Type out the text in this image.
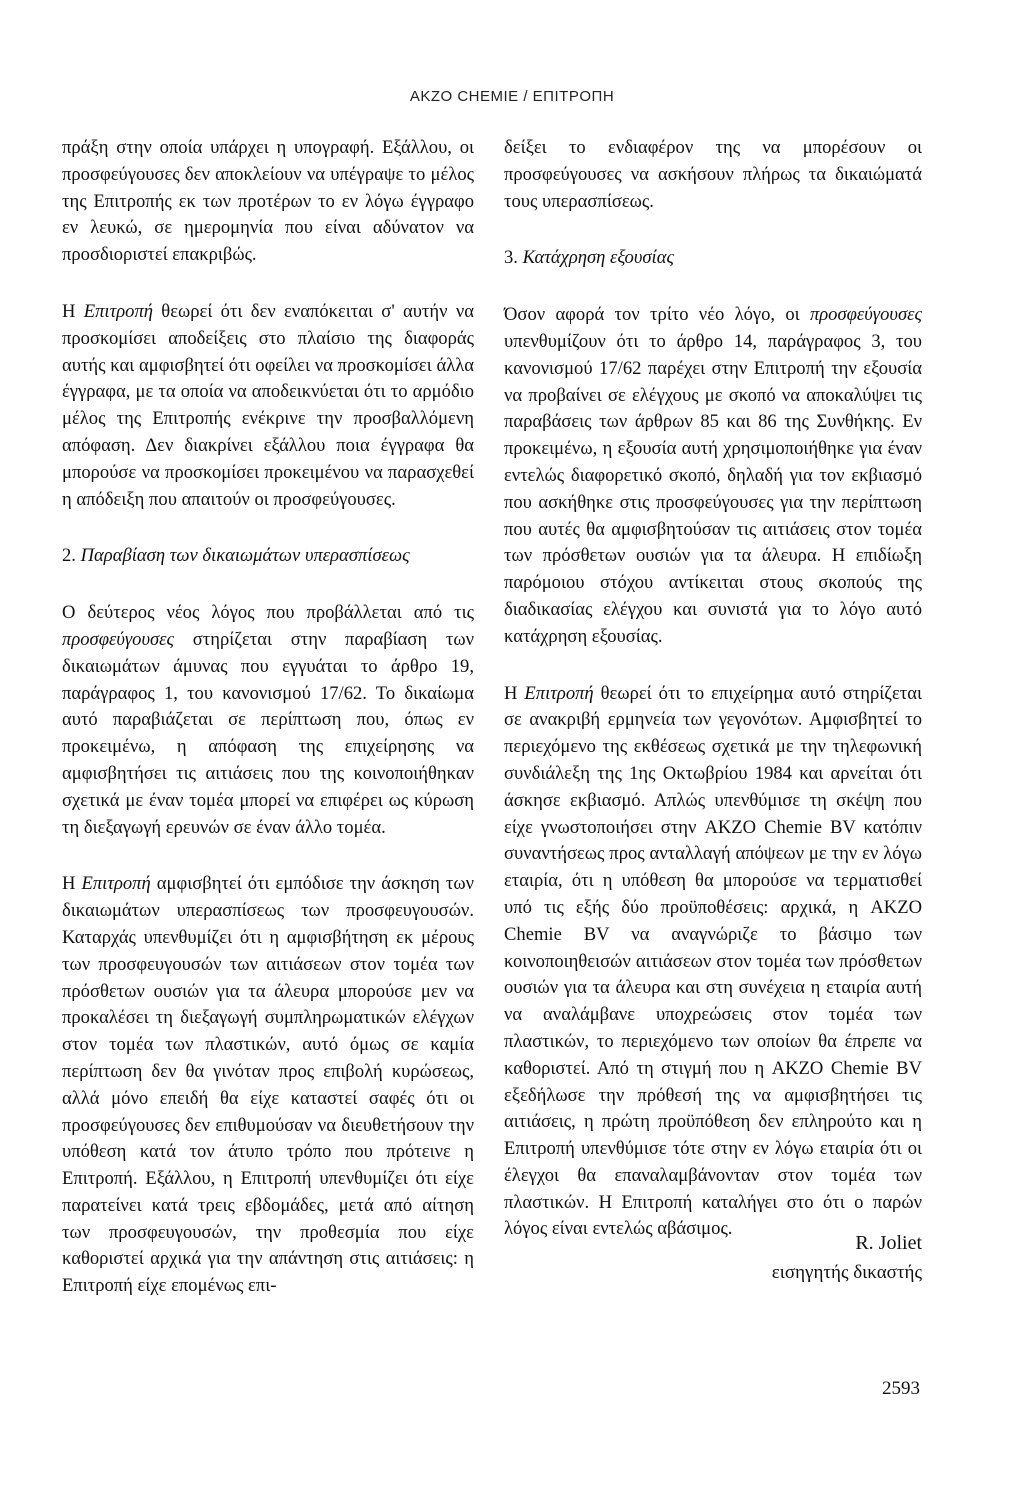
AKZO CHEMIE / ΕΠΙΤΡΟΠΗ

πράξη στην οποία υπάρχει η υπογραφή. Εξάλλου, οι προσφεύγουσες δεν αποκλείουν να υπέγραψε το μέλος της Επιτροπής εκ των προτέρων το εν λόγω έγγραφο εν λευκώ, σε ημερομηνία που είναι αδύνατον να προσδιοριστεί επακριβώς.

Η Επιτροπή θεωρεί ότι δεν εναπόκειται σ' αυτήν να προσκομίσει αποδείξεις στο πλαίσιο της διαφοράς αυτής και αμφισβητεί ότι οφείλει να προσκομίσει άλλα έγγραφα, με τα οποία να αποδεικνύεται ότι το αρμόδιο μέλος της Επιτροπής ενέκρινε την προσβαλλόμενη απόφαση. Δεν διακρίνει εξάλλου ποια έγγραφα θα μπορούσε να προσκομίσει προκειμένου να παρασχεθεί η απόδειξη που απαιτούν οι προσφεύγουσες.

2. Παραβίαση των δικαιωμάτων υπερασπίσεως

Ο δεύτερος νέος λόγος που προβάλλεται από τις προσφεύγουσες στηρίζεται στην παραβίαση των δικαιωμάτων άμυνας που εγγυάται το άρθρο 19, παράγραφος 1, του κανονισμού 17/62. Το δικαίωμα αυτό παραβιάζεται σε περίπτωση που, όπως εν προκειμένω, η απόφαση της επιχείρησης να αμφισβητήσει τις αιτιάσεις που της κοινοποιήθηκαν σχετικά με έναν τομέα μπορεί να επιφέρει ως κύρωση τη διεξαγωγή ερευνών σε έναν άλλο τομέα.

Η Επιτροπή αμφισβητεί ότι εμπόδισε την άσκηση των δικαιωμάτων υπερασπίσεως των προσφευγουσών. Καταρχάς υπενθυμίζει ότι η αμφισβήτηση εκ μέρους των προσφευγουσών των αιτιάσεων στον τομέα των πρόσθετων ουσιών για τα άλευρα μπορούσε μεν να προκαλέσει τη διεξαγωγή συμπληρωματικών ελέγχων στον τομέα των πλαστικών, αυτό όμως σε καμία περίπτωση δεν θα γινόταν προς επιβολή κυρώσεως, αλλά μόνο επειδή θα είχε καταστεί σαφές ότι οι προσφεύγουσες δεν επιθυμούσαν να διευθετήσουν την υπόθεση κατά τον άτυπο τρόπο που πρότεινε η Επιτροπή. Εξάλλου, η Επιτροπή υπενθυμίζει ότι είχε παρατείνει κατά τρεις εβδομάδες, μετά από αίτηση των προσφευγουσών, την προθεσμία που είχε καθοριστεί αρχικά για την απάντηση στις αιτιάσεις: η Επιτροπή είχε επομένως επι-

δείξει το ενδιαφέρον της να μπορέσουν οι προσφεύγουσες να ασκήσουν πλήρως τα δικαιώματά τους υπερασπίσεως.

3. Κατάχρηση εξουσίας

Όσον αφορά τον τρίτο νέο λόγο, οι προσφεύγουσες υπενθυμίζουν ότι το άρθρο 14, παράγραφος 3, του κανονισμού 17/62 παρέχει στην Επιτροπή την εξουσία να προβαίνει σε ελέγχους με σκοπό να αποκαλύψει τις παραβάσεις των άρθρων 85 και 86 της Συνθήκης. Εν προκειμένω, η εξουσία αυτή χρησιμοποιήθηκε για έναν εντελώς διαφορετικό σκοπό, δηλαδή για τον εκβιασμό που ασκήθηκε στις προσφεύγουσες για την περίπτωση που αυτές θα αμφισβητούσαν τις αιτιάσεις στον τομέα των πρόσθετων ουσιών για τα άλευρα. Η επιδίωξη παρόμοιου στόχου αντίκειται στους σκοπούς της διαδικασίας ελέγχου και συνιστά για το λόγο αυτό κατάχρηση εξουσίας.

Η Επιτροπή θεωρεί ότι το επιχείρημα αυτό στηρίζεται σε ανακριβή ερμηνεία των γεγονότων. Αμφισβητεί το περιεχόμενο της εκθέσεως σχετικά με την τηλεφωνική συνδιάλεξη της 1ης Οκτωβρίου 1984 και αρνείται ότι άσκησε εκβιασμό. Απλώς υπενθύμισε τη σκέψη που είχε γνωστοποιήσει στην AKZO Chemie BV κατόπιν συναντήσεως προς ανταλλαγή απόψεων με την εν λόγω εταιρία, ότι η υπόθεση θα μπορούσε να τερματισθεί υπό τις εξής δύο προϋποθέσεις: αρχικά, η AKZO Chemie BV να αναγνώριζε το βάσιμο των κοινοποιηθεισών αιτιάσεων στον τομέα των πρόσθετων ουσιών για τα άλευρα και στη συνέχεια η εταιρία αυτή να αναλάμβανε υποχρεώσεις στον τομέα των πλαστικών, το περιεχόμενο των οποίων θα έπρεπε να καθοριστεί. Από τη στιγμή που η AKZO Chemie BV εξεδήλωσε την πρόθεσή της να αμφισβητήσει τις αιτιάσεις, η πρώτη προϋπόθεση δεν επληρούτο και η Επιτροπή υπενθύμισε τότε στην εν λόγω εταιρία ότι οι έλεγχοι θα επαναλαμβάνονταν στον τομέα των πλαστικών. Η Επιτροπή καταλήγει στο ότι ο παρών λόγος είναι εντελώς αβάσιμος.

R. Joliet
εισηγητής δικαστής
2593
